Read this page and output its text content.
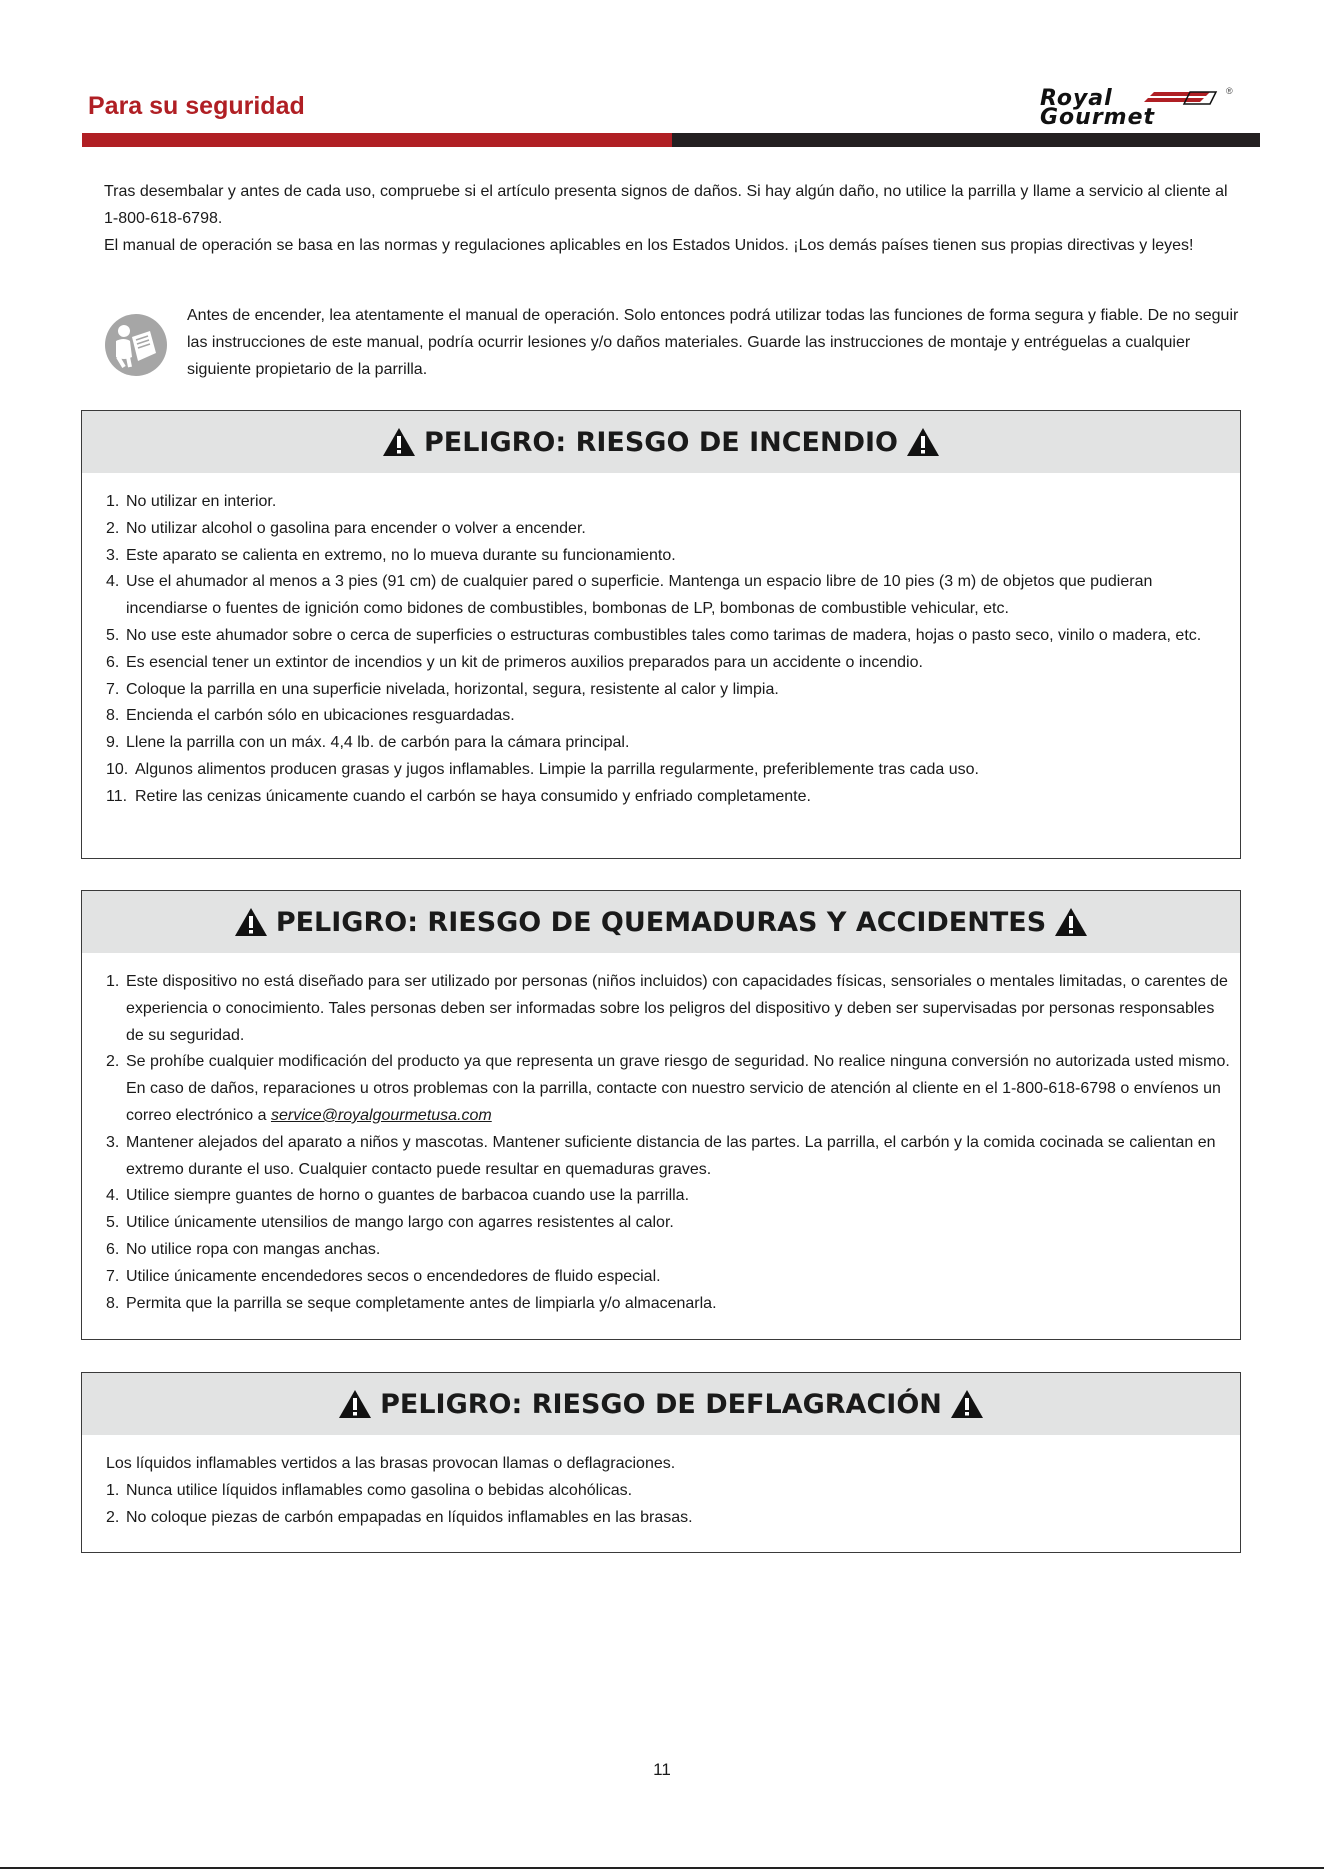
Para su seguridad	Royal
Gourmet
®

Tras desembalar y antes de cada uso, compruebe si el artículo presenta signos de daños. Si hay algún daño, no utilice la parrilla y llame a servicio al cliente al 1-800-618-6798.

El manual de operación se basa en las normas y regulaciones aplicables en los Estados Unidos. ¡Los demás países tienen sus propias directivas y leyes!

Antes de encender, lea atentamente el manual de operación. Solo entonces podrá utilizar todas las funciones de forma segura y fiable. De no seguir las instrucciones de este manual, podría ocurrir lesiones y/o daños materiales. Guarde las instrucciones de montaje y entréguelas a cualquier siguiente propietario de la parrilla.

PELIGRO: RIESGO DE INCENDIO
1. No utilizar en interior.
2. No utilizar alcohol o gasolina para encender o volver a encender.
3. Este aparato se calienta en extremo, no lo mueva durante su funcionamiento.
4. Use el ahumador al menos a 3 pies (91 cm) de cualquier pared o superficie. Mantenga un espacio libre de 10 pies (3 m) de objetos que pudieran incendiarse o fuentes de ignición como bidones de combustibles, bombonas de LP, bombonas de combustible vehicular, etc.
5. No use este ahumador sobre o cerca de superficies o estructuras combustibles tales como tarimas de madera, hojas o pasto seco, vinilo o madera, etc.
6. Es esencial tener un extintor de incendios y un kit de primeros auxilios preparados para un accidente o incendio.
7. Coloque la parrilla en una superficie nivelada, horizontal, segura, resistente al calor y limpia.
8. Encienda el carbón sólo en ubicaciones resguardadas.
9. Llene la parrilla con un máx. 4,4 lb. de carbón para la cámara principal.
10. Algunos alimentos producen grasas y jugos inflamables. Limpie la parrilla regularmente, preferiblemente tras cada uso.
11. Retire las cenizas únicamente cuando el carbón se haya consumido y enfriado completamente.
PELIGRO: RIESGO DE QUEMADURAS Y ACCIDENTES
1. Este dispositivo no está diseñado para ser utilizado por personas (niños incluidos) con capacidades físicas, sensoriales o mentales limitadas, o carentes de experiencia o conocimiento. Tales personas deben ser informadas sobre los peligros del dispositivo y deben ser supervisadas por personas responsables de su seguridad.
2. Se prohíbe cualquier modificación del producto ya que representa un grave riesgo de seguridad. No realice ninguna conversión no autorizada usted mismo. En caso de daños, reparaciones u otros problemas con la parrilla, contacte con nuestro servicio de atención al cliente en el 1-800-618-6798 o envíenos un correo electrónico a service@royalgourmetusa.com
3. Mantener alejados del aparato a niños y mascotas. Mantener suficiente distancia de las partes. La parrilla, el carbón y la comida cocinada se calientan en extremo durante el uso. Cualquier contacto puede resultar en quemaduras graves.
4. Utilice siempre guantes de horno o guantes de barbacoa cuando use la parrilla.
5. Utilice únicamente utensilios de mango largo con agarres resistentes al calor.
6. No utilice ropa con mangas anchas.
7. Utilice únicamente encendedores secos o encendedores de fluido especial.
8. Permita que la parrilla se seque completamente antes de limpiarla y/o almacenarla.
PELIGRO: RIESGO DE DEFLAGRACIÓN
Los líquidos inflamables vertidos a las brasas provocan llamas o deflagraciones.
1. Nunca utilice líquidos inflamables como gasolina o bebidas alcohólicas.
2. No coloque piezas de carbón empapadas en líquidos inflamables en las brasas.
11
